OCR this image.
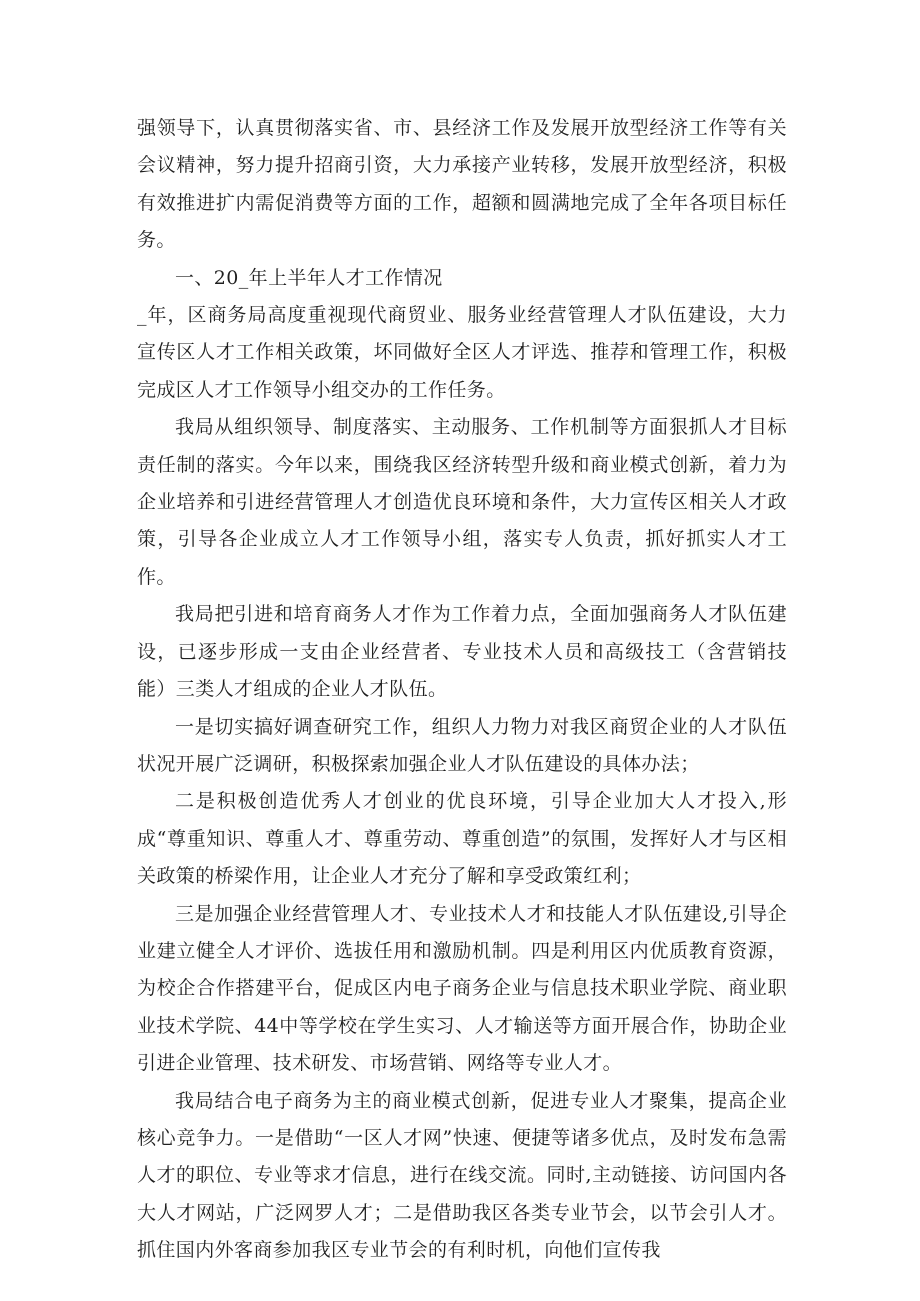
强领导下，认真贯彻落实省、市、县经济工作及发展开放型经济工作等有关会议精神，努力提升招商引资，大力承接产业转移，发展开放型经济，积极有效推进扩内需促消费等方面的工作，超额和圆满地完成了全年各项目标任务。

一、20_年上半年人才工作情况

_年，区商务局高度重视现代商贸业、服务业经营管理人才队伍建设，大力宣传区人才工作相关政策，坏同做好全区人才评选、推荐和管理工作，积极完成区人才工作领导小组交办的工作任务。

我局从组织领导、制度落实、主动服务、工作机制等方面狠抓人才目标责任制的落实。今年以来，围绕我区经济转型升级和商业模式创新，着力为企业培养和引进经营管理人才创造优良环境和条件，大力宣传区相关人才政策，引导各企业成立人才工作领导小组，落实专人负责，抓好抓实人才工作。

我局把引进和培育商务人才作为工作着力点，全面加强商务人才队伍建设，已逐步形成一支由企业经营者、专业技术人员和高级技工（含营销技能）三类人才组成的企业人才队伍。

一是切实搞好调查研究工作，组织人力物力对我区商贸企业的人才队伍状况开展广泛调研，积极探索加强企业人才队伍建设的具体办法；

二是积极创造优秀人才创业的优良环境，引导企业加大人才投入,形成“尊重知识、尊重人才、尊重劳动、尊重创造”的氛围，发挥好人才与区相关政策的桥梁作用，让企业人才充分了解和享受政策红利；

三是加强企业经营管理人才、专业技术人才和技能人才队伍建设,引导企业建立健全人才评价、选拔任用和激励机制。四是利用区内优质教育资源，为校企合作搭建平台，促成区内电子商务企业与信息技术职业学院、商业职业技术学院、44中等学校在学生实习、人才输送等方面开展合作，协助企业引进企业管理、技术研发、市场营销、网络等专业人才。

我局结合电子商务为主的商业模式创新，促进专业人才聚集，提高企业核心竞争力。一是借助“一区人才网”快速、便捷等诸多优点，及时发布急需人才的职位、专业等求才信息，进行在线交流。同时,主动链接、访问国内各大人才网站，广泛网罗人才；二是借助我区各类专业节会，以节会引人才。抓住国内外客商参加我区专业节会的有利时机，向他们宣传我
